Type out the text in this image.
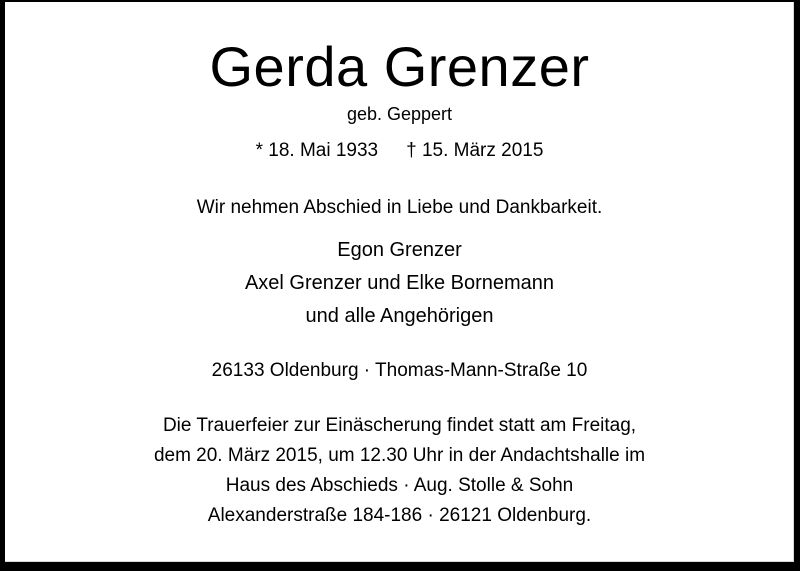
Gerda Grenzer
geb. Geppert
* 18. Mai 1933 † 15. März 2015
Wir nehmen Abschied in Liebe und Dankbarkeit.
Egon Grenzer
Axel Grenzer und Elke Bornemann
und alle Angehörigen
26133 Oldenburg · Thomas-Mann-Straße 10
Die Trauerfeier zur Einäscherung findet statt am Freitag,
dem 20. März 2015, um 12.30 Uhr in der Andachtshalle im
Haus des Abschieds · Aug. Stolle & Sohn
Alexanderstraße 184-186 · 26121 Oldenburg.
